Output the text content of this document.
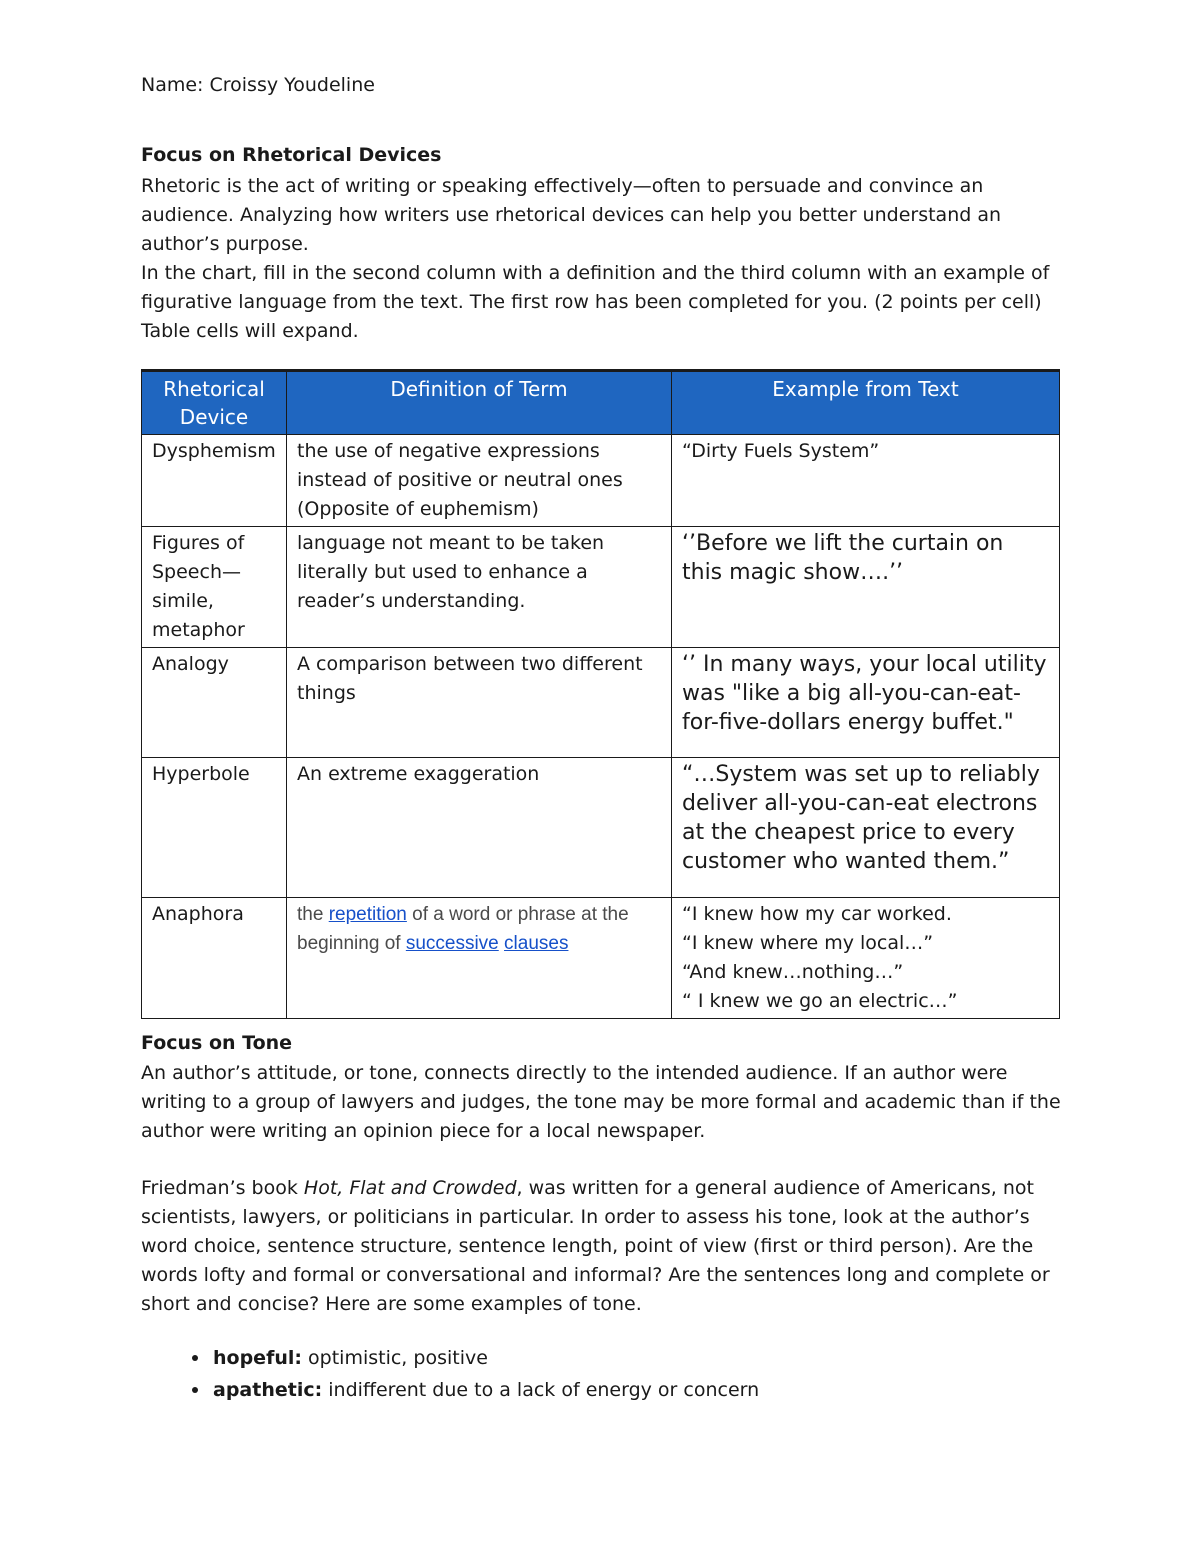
Name: Croissy Youdeline
Focus on Rhetorical Devices

Rhetoric is the act of writing or speaking effectively—often to persuade and convince an audience. Analyzing how writers use rhetorical devices can help you better understand an author’s purpose.

In the chart, fill in the second column with a definition and the third column with an example of figurative language from the text. The first row has been completed for you. (2 points per cell) Table cells will expand.

Rhetorical Device	Definition of Term	Example from Text
Dysphemism	the use of negative expressions instead of positive or neutral ones (Opposite of euphemism)	“Dirty Fuels System”
Figures of Speech—simile, metaphor	language not meant to be taken literally but used to enhance a reader’s understanding.	‘’Before we lift the curtain on this magic show….’’
Analogy	A comparison between two different things	‘’ In many ways, your local utility was "like a big all-you-can-eat-for-five-dollars energy buffet."
Hyperbole	An extreme exaggeration	“…System was set up to reliably deliver all-you-can-eat electrons at the cheapest price to every customer who wanted them.”
Anaphora	the repetition of a word or phrase at the beginning of successive clauses	“I knew how my car worked.
“I knew where my local…”
“And knew…nothing…”
“ I knew we go an electric…”
Focus on Tone

An author’s attitude, or tone, connects directly to the intended audience. If an author were writing to a group of lawyers and judges, the tone may be more formal and academic than if the author were writing an opinion piece for a local newspaper.

Friedman’s book Hot, Flat and Crowded, was written for a general audience of Americans, not scientists, lawyers, or politicians in particular. In order to assess his tone, look at the author’s word choice, sentence structure, sentence length, point of view (first or third person). Are the words lofty and formal or conversational and informal? Are the sentences long and complete or short and concise? Here are some examples of tone.

• hopeful: optimistic, positive
• apathetic: indifferent due to a lack of energy or concern
